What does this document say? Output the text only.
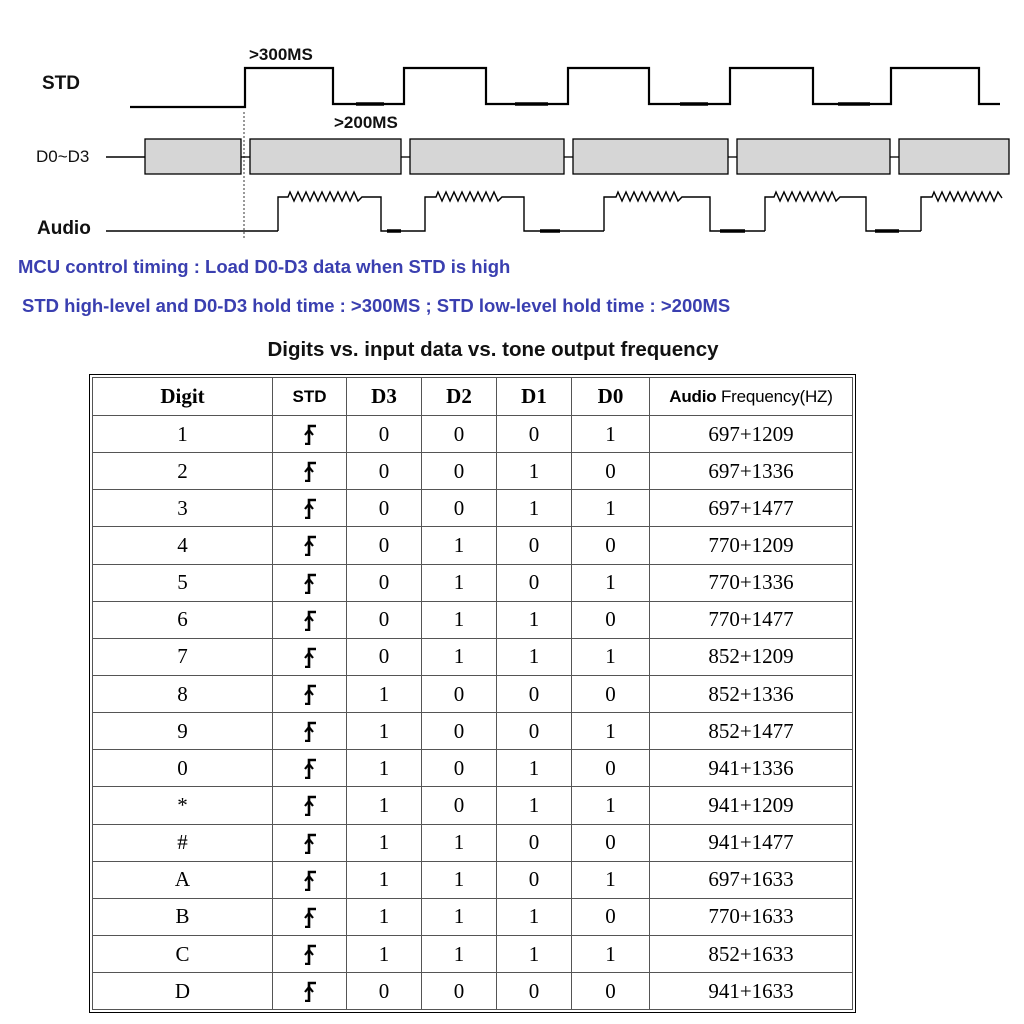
STD
D0~D3
Audio
>300MS
>200MS
MCU control timing : Load D0-D3 data when STD is high
STD high-level and D0-D3 hold time : >300MS ; STD low-level hold time : >200MS
Digits vs. input data vs. tone output frequency
Digit	STD	D3	D2	D1	D0	Audio Frequency(HZ)
1		0	0	0	1	697+1209
2		0	0	1	0	697+1336
3		0	0	1	1	697+1477
4		0	1	0	0	770+1209
5		0	1	0	1	770+1336
6		0	1	1	0	770+1477
7		0	1	1	1	852+1209
8		1	0	0	0	852+1336
9		1	0	0	1	852+1477
0		1	0	1	0	941+1336
*		1	0	1	1	941+1209
#		1	1	0	0	941+1477
A		1	1	0	1	697+1633
B		1	1	1	0	770+1633
C		1	1	1	1	852+1633
D		0	0	0	0	941+1633
